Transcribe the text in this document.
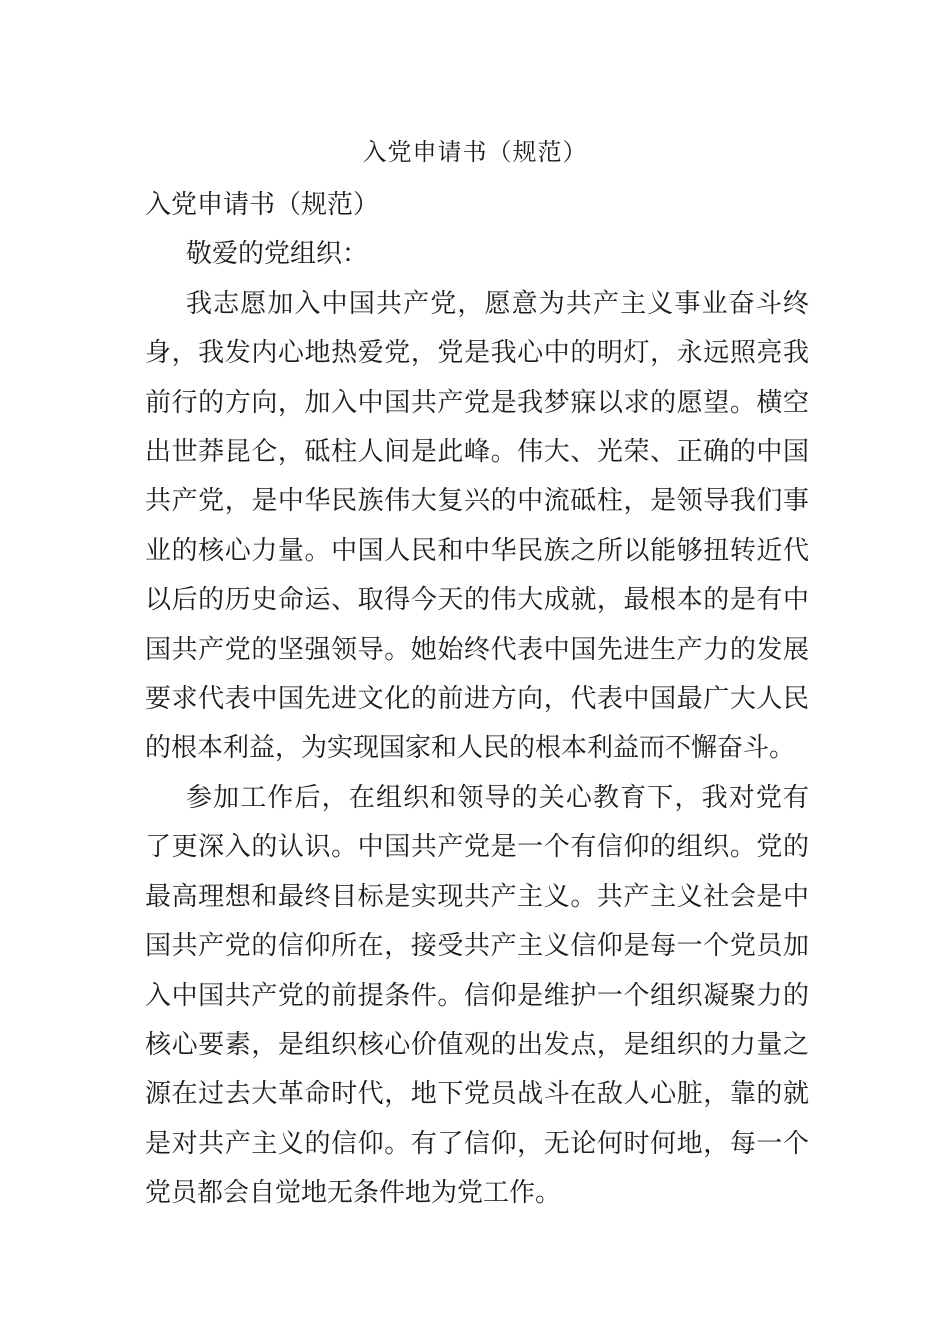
入党申请书（规范）

入党申请书（规范）

敬爱的党组织：

我志愿加入中国共产党，愿意为共产主义事业奋斗终身，我发内心地热爱党，党是我心中的明灯，永远照亮我前行的方向，加入中国共产党是我梦寐以求的愿望。横空出世莽昆仑，砥柱人间是此峰。伟大、光荣、正确的中国共产党，是中华民族伟大复兴的中流砥柱，是领导我们事业的核心力量。中国人民和中华民族之所以能够扭转近代以后的历史命运、取得今天的伟大成就，最根本的是有中国共产党的坚强领导。她始终代表中国先进生产力的发展要求代表中国先进文化的前进方向，代表中国最广大人民的根本利益，为实现国家和人民的根本利益而不懈奋斗。

参加工作后，在组织和领导的关心教育下，我对党有了更深入的认识。中国共产党是一个有信仰的组织。党的最高理想和最终目标是实现共产主义。共产主义社会是中国共产党的信仰所在，接受共产主义信仰是每一个党员加入中国共产党的前提条件。信仰是维护一个组织凝聚力的核心要素，是组织核心价值观的出发点，是组织的力量之源在过去大革命时代，地下党员战斗在敌人心脏，靠的就是对共产主义的信仰。有了信仰，无论何时何地，每一个党员都会自觉地无条件地为党工作。
